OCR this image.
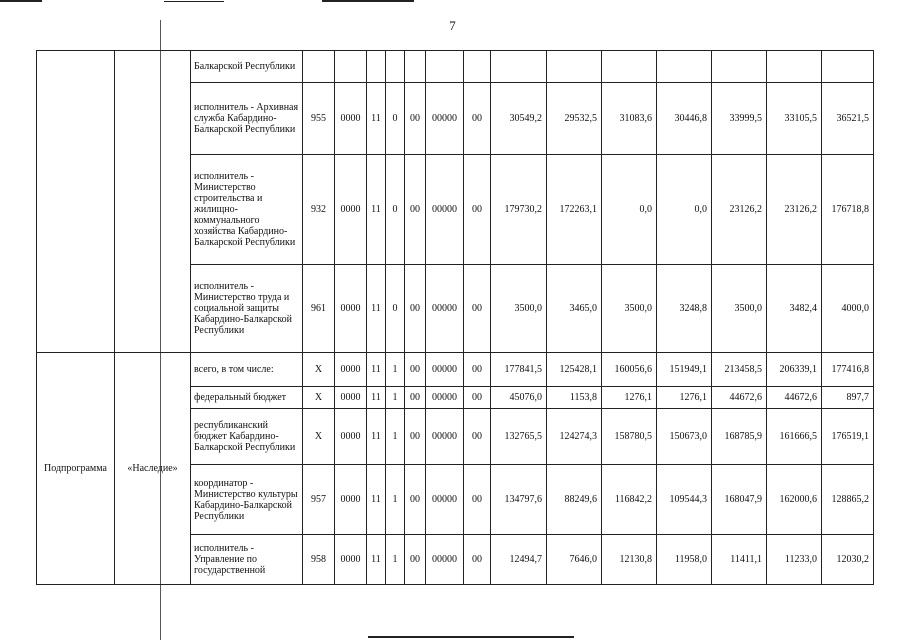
7
		Балкарской Республики														
		исполнитель - Архивная служба Кабардино-Балкарской Республики	955	0000	11	0	00	00000	00	30549,2	29532,5	31083,6	30446,8	33999,5	33105,5	36521,5
		исполнитель - Министерство строительства и жилищно-коммунального хозяйства Кабардино-Балкарской Республики	932	0000	11	0	00	00000	00	179730,2	172263,1	0,0	0,0	23126,2	23126,2	176718,8
		исполнитель - Министерство труда и социальной защиты Кабардино-Балкарской Республики	961	0000	11	0	00	00000	00	3500,0	3465,0	3500,0	3248,8	3500,0	3482,4	4000,0
Подпрограмма	«Наследие»	всего, в том числе:	Х	0000	11	1	00	00000	00	177841,5	125428,1	160056,6	151949,1	213458,5	206339,1	177416,8
		федеральный бюджет	Х	0000	11	1	00	00000	00	45076,0	1153,8	1276,1	1276,1	44672,6	44672,6	897,7
		республиканский бюджет Кабардино-Балкарской Республики	Х	0000	11	1	00	00000	00	132765,5	124274,3	158780,5	150673,0	168785,9	161666,5	176519,1
		координатор - Министерство культуры Кабардино-Балкарской Республики	957	0000	11	1	00	00000	00	134797,6	88249,6	116842,2	109544,3	168047,9	162000,6	128865,2
		исполнитель - Управление по государственной	958	0000	11	1	00	00000	00	12494,7	7646,0	12130,8	11958,0	11411,1	11233,0	12030,2
